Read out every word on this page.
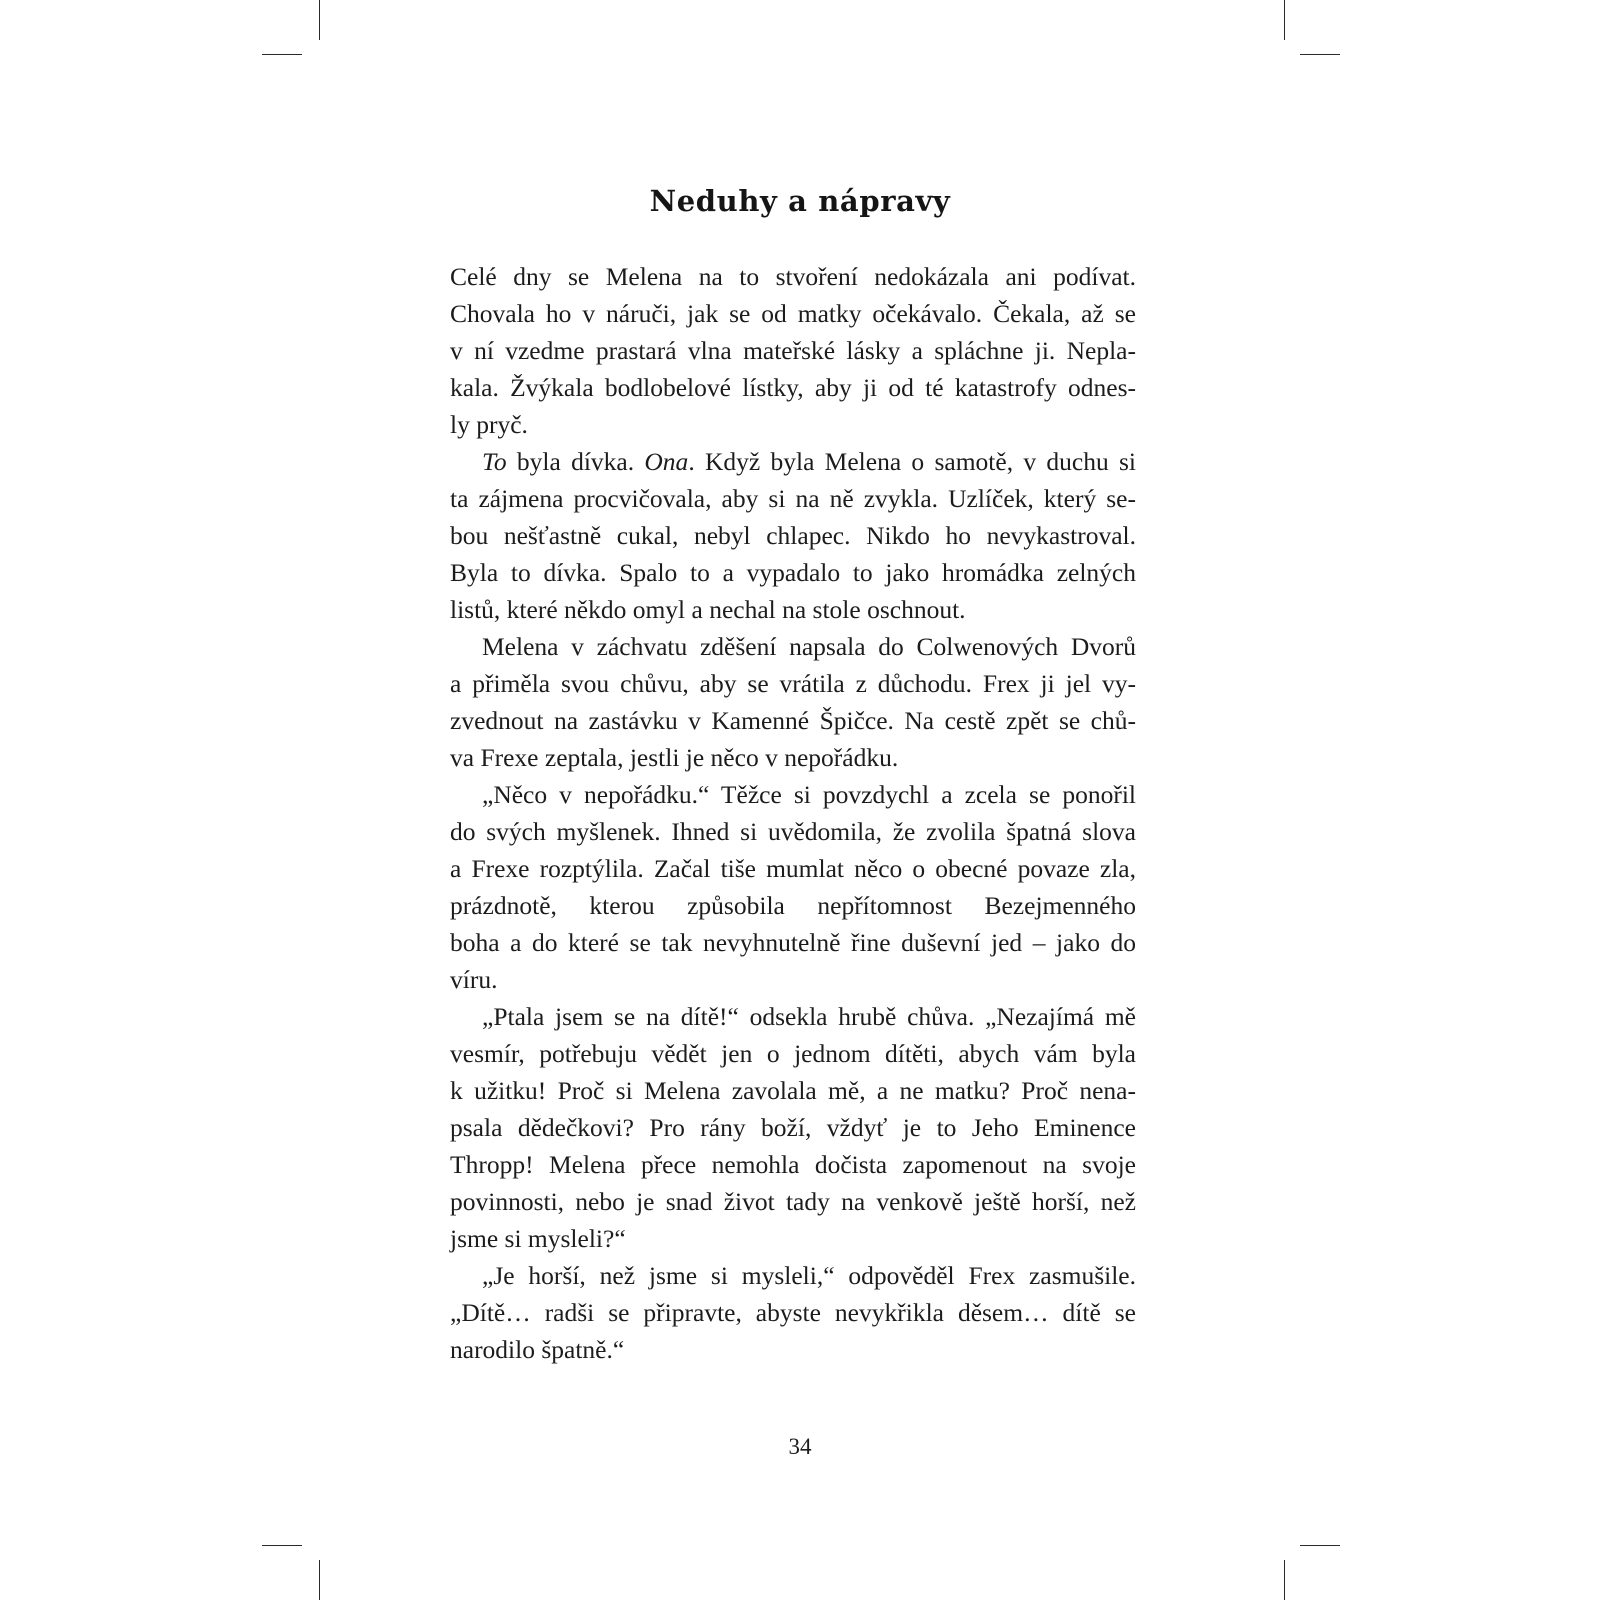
Neduhy a nápravy
Celé dny se Melena na to stvoření nedokázala ani podívat.
Chovala ho v náruči, jak se od matky očekávalo. Čekala, až se
v ní vzedme prastará vlna mateřské lásky a spláchne ji. Nepla-
kala. Žvýkala bodlobelové lístky, aby ji od té katastrofy odnes-
ly pryč.
To byla dívka. Ona. Když byla Melena o samotě, v duchu si
ta zájmena procvičovala, aby si na ně zvykla. Uzlíček, který se-
bou nešťastně cukal, nebyl chlapec. Nikdo ho nevykastroval.
Byla to dívka. Spalo to a vypadalo to jako hromádka zelných
listů, které někdo omyl a nechal na stole oschnout.
Melena v záchvatu zděšení napsala do Colwenových Dvorů
a přiměla svou chůvu, aby se vrátila z důchodu. Frex ji jel vy-
zvednout na zastávku v Kamenné Špičce. Na cestě zpět se chů-
va Frexe zeptala, jestli je něco v nepořádku.
„Něco v nepořádku.“ Těžce si povzdychl a zcela se ponořil
do svých myšlenek. Ihned si uvědomila, že zvolila špatná slova
a Frexe rozptýlila. Začal tiše mumlat něco o obecné povaze zla,
prázdnotě, kterou způsobila nepřítomnost Bezejmenného
boha a do které se tak nevyhnutelně řine duševní jed – jako do
víru.
„Ptala jsem se na dítě!“ odsekla hrubě chůva. „Nezajímá mě
vesmír, potřebuju vědět jen o jednom dítěti, abych vám byla
k užitku! Proč si Melena zavolala mě, a ne matku? Proč nena-
psala dědečkovi? Pro rány boží, vždyť je to Jeho Eminence
Thropp! Melena přece nemohla dočista zapomenout na svoje
povinnosti, nebo je snad život tady na venkově ještě horší, než
jsme si mysleli?“
„Je horší, než jsme si mysleli,“ odpověděl Frex zasmušile.
„Dítě… radši se připravte, abyste nevykřikla děsem… dítě se
narodilo špatně.“
34
